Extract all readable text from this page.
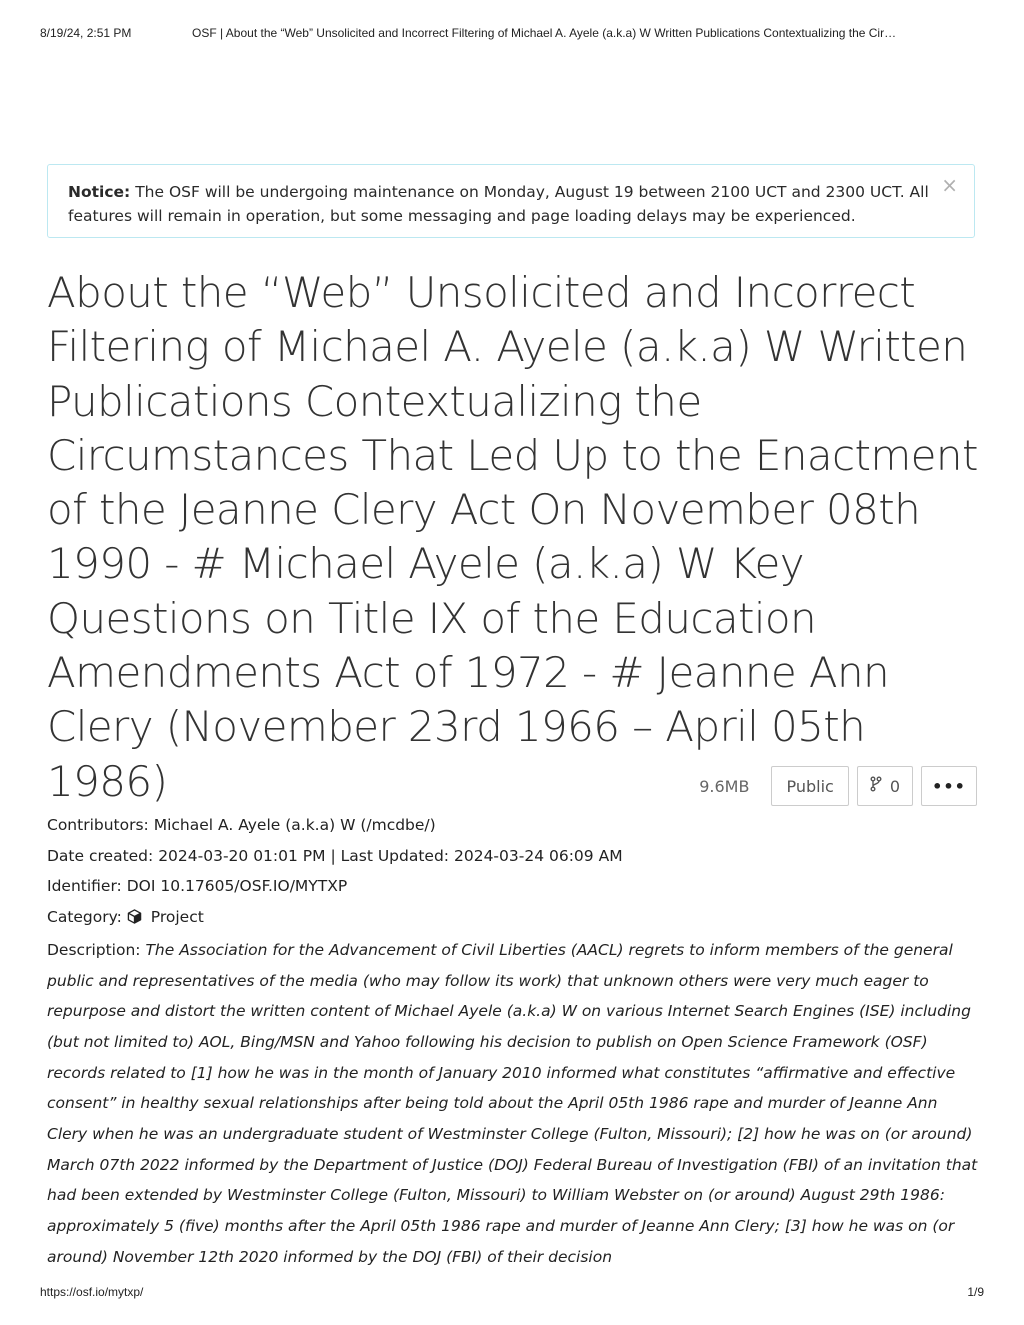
8/19/24, 2:51 PM	OSF | About the “Web” Unsolicited and Incorrect Filtering of Michael A. Ayele (a.k.a) W Written Publications Contextualizing the Cir…
Notice: The OSF will be undergoing maintenance on Monday, August 19 between 2100 UCT and 2300 UCT. All features will remain in operation, but some messaging and page loading delays may be experienced.
×
About the “Web” Unsolicited and Incorrect Filtering of Michael A. Ayele (a.k.a) W Written Publications Contextualizing the Circumstances That Led Up to the Enactment of the Jeanne Clery Act On November 08th 1990 - # Michael Ayele (a.k.a) W Key Questions on Title IX of the Education Amendments Act of 1972 - # Jeanne Ann Clery (November 23rd 1966 – April 05th 1986)	9.6MB	Public	0	•••
Contributors: Michael A. Ayele (a.k.a) W (/mcdbe/)
Date created: 2024-03-20 01:01 PM | Last Updated: 2024-03-24 06:09 AM
Identifier: DOI 10.17605/OSF.IO/MYTXP
Category: Project
Description: The Association for the Advancement of Civil Liberties (AACL) regrets to inform members of the general public and representatives of the media (who may follow its work) that unknown others were very much eager to repurpose and distort the written content of Michael Ayele (a.k.a) W on various Internet Search Engines (ISE) including (but not limited to) AOL, Bing/MSN and Yahoo following his decision to publish on Open Science Framework (OSF) records related to [1] how he was in the month of January 2010 informed what constitutes “affirmative and effective consent” in healthy sexual relationships after being told about the April 05th 1986 rape and murder of Jeanne Ann Clery when he was an undergraduate student of Westminster College (Fulton, Missouri); [2] how he was on (or around) March 07th 2022 informed by the Department of Justice (DOJ) Federal Bureau of Investigation (FBI) of an invitation that had been extended by Westminster College (Fulton, Missouri) to William Webster on (or around) August 29th 1986: approximately 5 (five) months after the April 05th 1986 rape and murder of Jeanne Ann Clery; [3] how he was on (or around) November 12th 2020 informed by the DOJ (FBI) of their decision
https://osf.io/mytxp/	1/9
